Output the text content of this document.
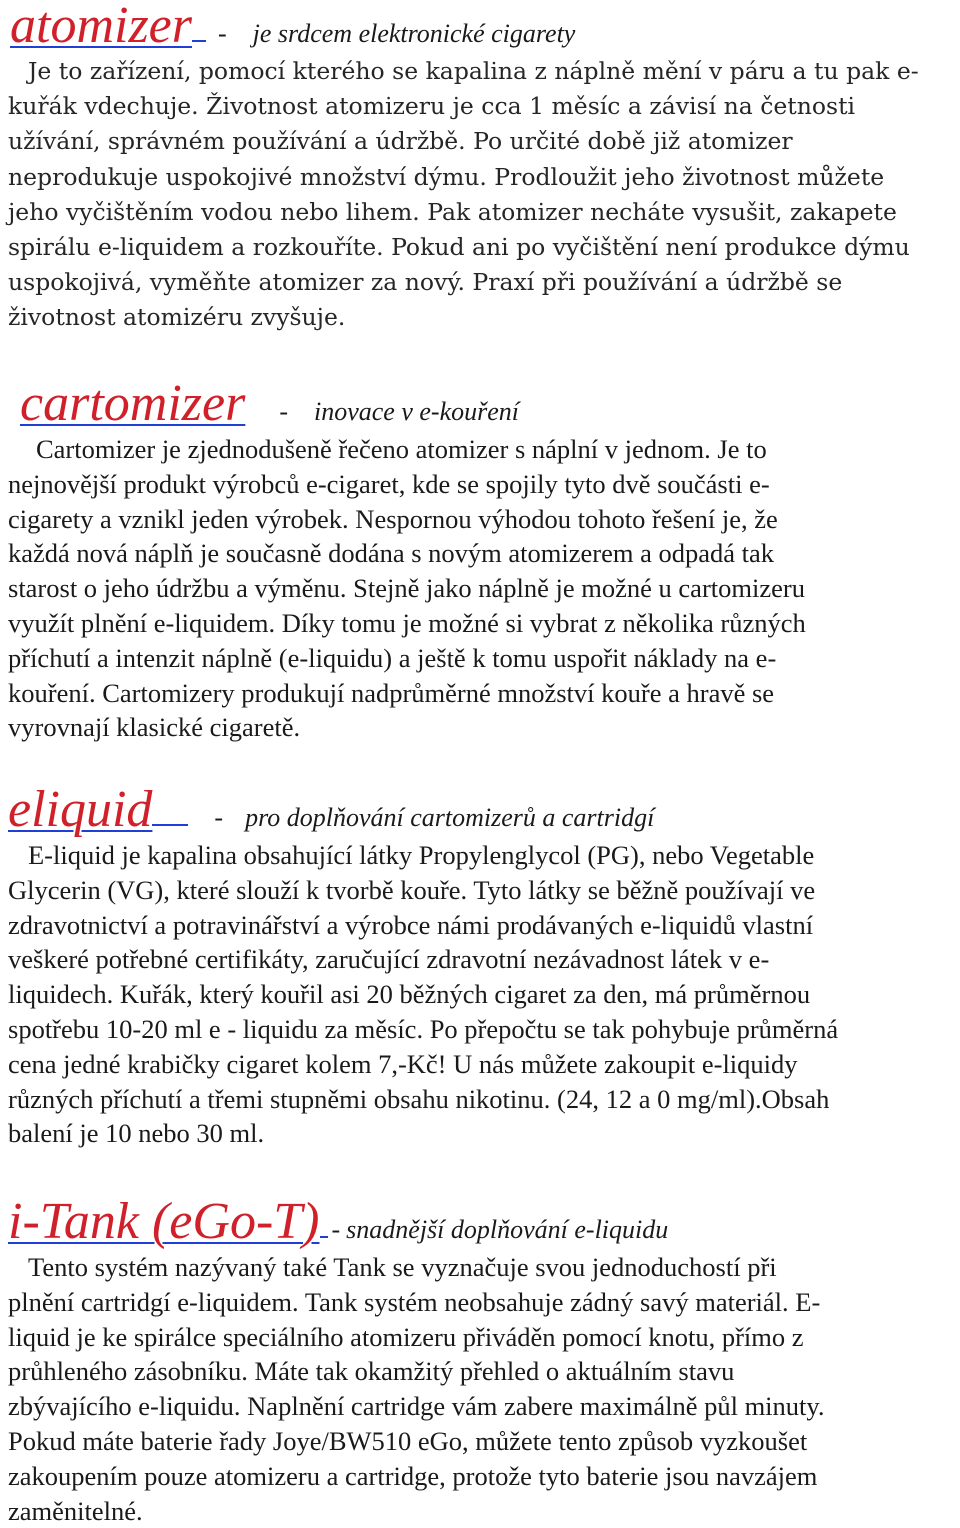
atomizer - je srdcem elektronické cigarety
Je to zařízení, pomocí kterého se kapalina z náplně mění v páru a tu pak e-
kuřák vdechuje. Životnost atomizeru je cca 1 měsíc a závisí na četnosti
užívání, správném používání a údržbě. Po určité době již atomizer
neprodukuje uspokojivé množství dýmu. Prodloužit jeho životnost můžete
jeho vyčištěním vodou nebo lihem. Pak atomizer necháte vysušit, zakapete
spirálu e-liquidem a rozkouříte. Pokud ani po vyčištění není produkce dýmu
uspokojivá, vyměňte atomizer za nový. Praxí při používání a údržbě se
životnost atomizéru zvyšuje.
cartomizer - inovace v e-kouření
Cartomizer je zjednodušeně řečeno atomizer s náplní v jednom. Je to
nejnovější produkt výrobců e-cigaret, kde se spojily tyto dvě součásti e-
cigarety a vznikl jeden výrobek. Nespornou výhodou tohoto řešení je, že
každá nová náplň je současně dodána s novým atomizerem a odpadá tak
starost o jeho údržbu a výměnu. Stejně jako náplně je možné u cartomizeru
využít plnění e-liquidem. Díky tomu je možné si vybrat z několika různých
příchutí a intenzit náplně (e-liquidu) a ještě k tomu uspořit náklady na e-
kouření. Cartomizery produkují nadprůměrné množství kouře a hravě se
vyrovnají klasické cigaretě.
eliquid - pro doplňování cartomizerů a cartridgí
E-liquid je kapalina obsahující látky Propylenglycol (PG), nebo Vegetable
Glycerin (VG), které slouží k tvorbě kouře. Tyto látky se běžně používají ve
zdravotnictví a potravinářství a výrobce námi prodávaných e-liquidů vlastní
veškeré potřebné certifikáty, zaručující zdravotní nezávadnost látek v e-
liquidech. Kuřák, který kouřil asi 20 běžných cigaret za den, má průměrnou
spotřebu 10-20 ml e - liquidu za měsíc. Po přepočtu se tak pohybuje průměrná
cena jedné krabičky cigaret kolem 7,-Kč! U nás můžete zakoupit e-liquidy
různých příchutí a třemi stupněmi obsahu nikotinu. (24, 12 a 0 mg/ml).Obsah
balení je 10 nebo 30 ml.
i-Tank (eGo-T) - snadnější doplňování e-liquidu
Tento systém nazývaný také Tank se vyznačuje svou jednoduchostí při
plnění cartridgí e-liquidem. Tank systém neobsahuje zádný savý materiál. E-
liquid je ke spirálce speciálního atomizeru přiváděn pomocí knotu, přímo z
průhleného zásobníku. Máte tak okamžitý přehled o aktuálním stavu
zbývajícího e-liquidu. Naplnění cartridge vám zabere maximálně půl minuty.
Pokud máte baterie řady Joye/BW510 eGo, můžete tento způsob vyzkoušet
zakoupením pouze atomizeru a cartridge, protože tyto baterie jsou navzájem
zaměnitelné.
